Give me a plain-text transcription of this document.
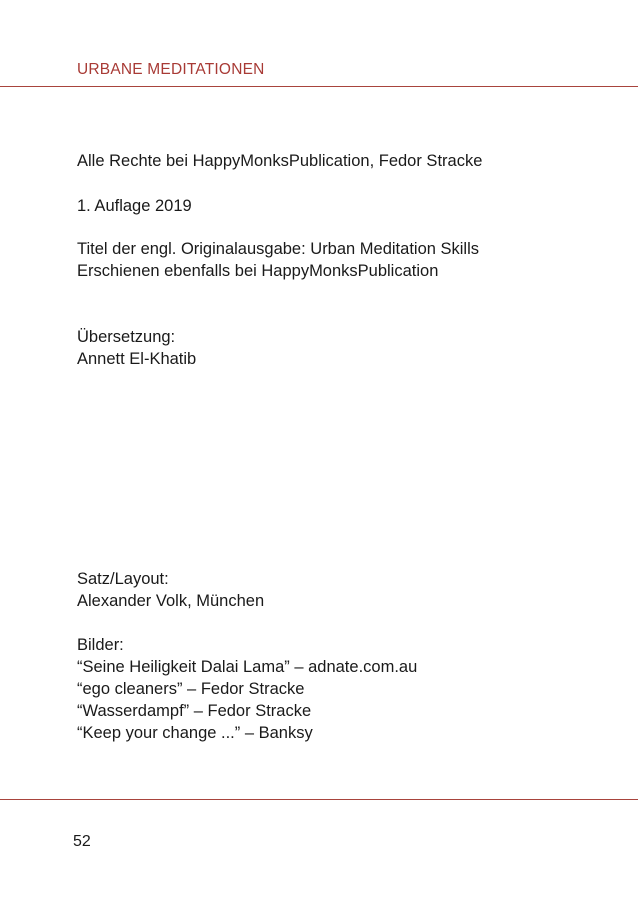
URBANE MEDITATIONEN
Alle Rechte bei HappyMonksPublication, Fedor Stracke
1. Auflage 2019
Titel der engl. Originalausgabe: Urban Meditation Skills
Erschienen ebenfalls bei HappyMonksPublication
Übersetzung:
Annett El-Khatib
Satz/Layout:
Alexander Volk, München
Bilder:
“Seine Heiligkeit Dalai Lama” – adnate.com.au
“ego cleaners” – Fedor Stracke
“Wasserdampf” – Fedor Stracke
“Keep your change ...” – Banksy
52
